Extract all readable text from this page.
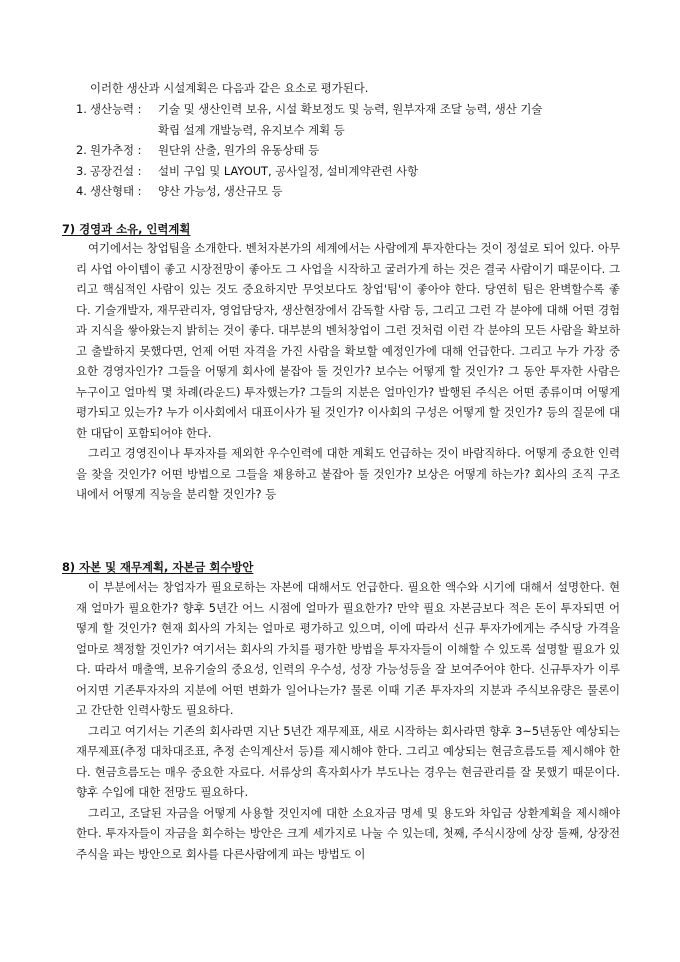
이러한 생산과 시설계획은 다음과 같은 요소로 평가된다.
1. 생산능력 :	기술 및 생산인력 보유, 시설 확보정도 및 능력, 원부자재 조달 능력, 생산 기술
확립 설계 개발능력, 유지보수 계획 등
2. 원가추정 :	원단위 산출, 원가의 유동상태 등
3. 공장건설 :	설비 구입 및 LAYOUT, 공사일정, 설비계약관련 사항
4. 생산형태 :	양산 가능성, 생산규모 등
7) 경영과 소유, 인력계획

여기에서는 창업팀을 소개한다. 벤처자본가의 세계에서는 사람에게 투자한다는 것이 정설로 되어 있다. 아무리 사업 아이템이 좋고 시장전망이 좋아도 그 사업을 시작하고 굴러가게 하는 것은 결국 사람이기 때문이다. 그리고 핵심적인 사람이 있는 것도 중요하지만 무엇보다도 창업'팀'이 좋아야 한다. 당연히 팀은 완벽할수록 좋다. 기술개발자, 재무관리자, 영업담당자, 생산현장에서 감독할 사람 등, 그리고 그런 각 분야에 대해 어떤 경험과 지식을 쌓아왔는지 밝히는 것이 좋다. 대부분의 벤처창업이 그런 것처럼 이런 각 분야의 모든 사람을 확보하고 출발하지 못했다면, 언제 어떤 자격을 가진 사람을 확보할 예정인가에 대해 언급한다. 그리고 누가 가장 중요한 경영자인가? 그들을 어떻게 회사에 붙잡아 둘 것인가? 보수는 어떻게 할 것인가? 그 동안 투자한 사람은 누구이고 얼마씩 몇 차례(라운드) 투자했는가? 그들의 지분은 얼마인가? 발행된 주식은 어떤 종류이며 어떻게 평가되고 있는가? 누가 이사회에서 대표이사가 될 것인가? 이사회의 구성은 어떻게 할 것인가? 등의 질문에 대한 대답이 포함되어야 한다.

그리고 경영진이나 투자자를 제외한 우수인력에 대한 계획도 언급하는 것이 바람직하다. 어떻게 중요한 인력을 찾을 것인가? 어떤 방법으로 그들을 채용하고 붙잡아 둘 것인가? 보상은 어떻게 하는가? 회사의 조직 구조내에서 어떻게 직능을 분리할 것인가? 등

8) 자본 및 재무계획, 자본금 회수방안

이 부분에서는 창업자가 필요로하는 자본에 대해서도 언급한다. 필요한 액수와 시기에 대해서 설명한다. 현재 얼마가 필요한가? 향후 5년간 어느 시점에 얼마가 필요한가? 만약 필요 자본금보다 적은 돈이 투자되면 어떻게 할 것인가? 현재 회사의 가치는 얼마로 평가하고 있으며, 이에 따라서 신규 투자가에게는 주식당 가격을 얼마로 책정할 것인가? 여기서는 회사의 가치를 평가한 방법을 투자자들이 이해할 수 있도록 설명할 필요가 있다. 따라서 매출액, 보유기술의 중요성, 인력의 우수성, 성장 가능성등을 잘 보여주어야 한다. 신규투자가 이루어지면 기존투자자의 지분에 어떤 변화가 일어나는가? 물론 이때 기존 투자자의 지분과 주식보유량은 물론이고 간단한 인력사항도 필요하다.

그리고 여기서는 기존의 회사라면 지난 5년간 재무제표, 새로 시작하는 회사라면 향후 3~5년동안 예상되는 재무제표(추정 대차대조표, 추정 손익계산서 등)를 제시해야 한다. 그리고 예상되는 현금흐름도를 제시해야 한다. 현금흐름도는 매우 중요한 자료다. 서류상의 흑자회사가 부도나는 경우는 현금관리를 잘 못했기 때문이다. 향후 수입에 대한 전망도 필요하다.

그리고, 조달된 자금을 어떻게 사용할 것인지에 대한 소요자금 명세 및 용도와 차입금 상환계획을 제시해야 한다. 투자자들이 자금을 회수하는 방안은 크게 세가지로 나눌 수 있는데, 첫째, 주식시장에 상장 둘째, 상장전 주식을 파는 방안으로 회사를 다른사람에게 파는 방법도 이
